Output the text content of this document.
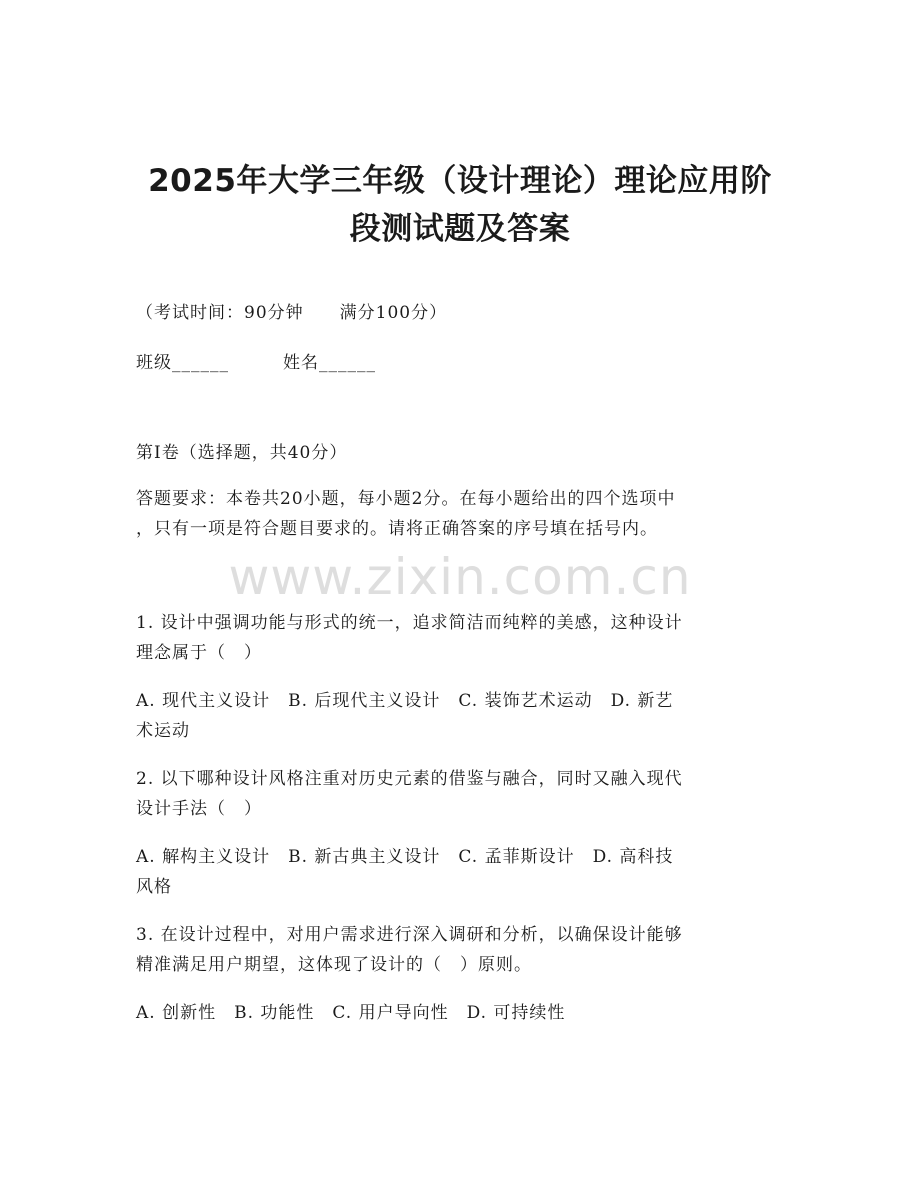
2025年大学三年级（设计理论）理论应用阶
段测试题及答案
（考试时间：90分钟　　满分100分）
班级______　　　姓名______
第I卷（选择题，共40分）
答题要求：本卷共20小题，每小题2分。在每小题给出的四个选项中
，只有一项是符合题目要求的。请将正确答案的序号填在括号内。
www.zixin.com.cn
1. 设计中强调功能与形式的统一，追求简洁而纯粹的美感，这种设计
理念属于（　）
A. 现代主义设计　B. 后现代主义设计　C. 装饰艺术运动　D. 新艺
术运动
2. 以下哪种设计风格注重对历史元素的借鉴与融合，同时又融入现代
设计手法（　）
A. 解构主义设计　B. 新古典主义设计　C. 孟菲斯设计　D. 高科技
风格
3. 在设计过程中，对用户需求进行深入调研和分析，以确保设计能够
精准满足用户期望，这体现了设计的（　）原则。
A. 创新性　B. 功能性　C. 用户导向性　D. 可持续性
